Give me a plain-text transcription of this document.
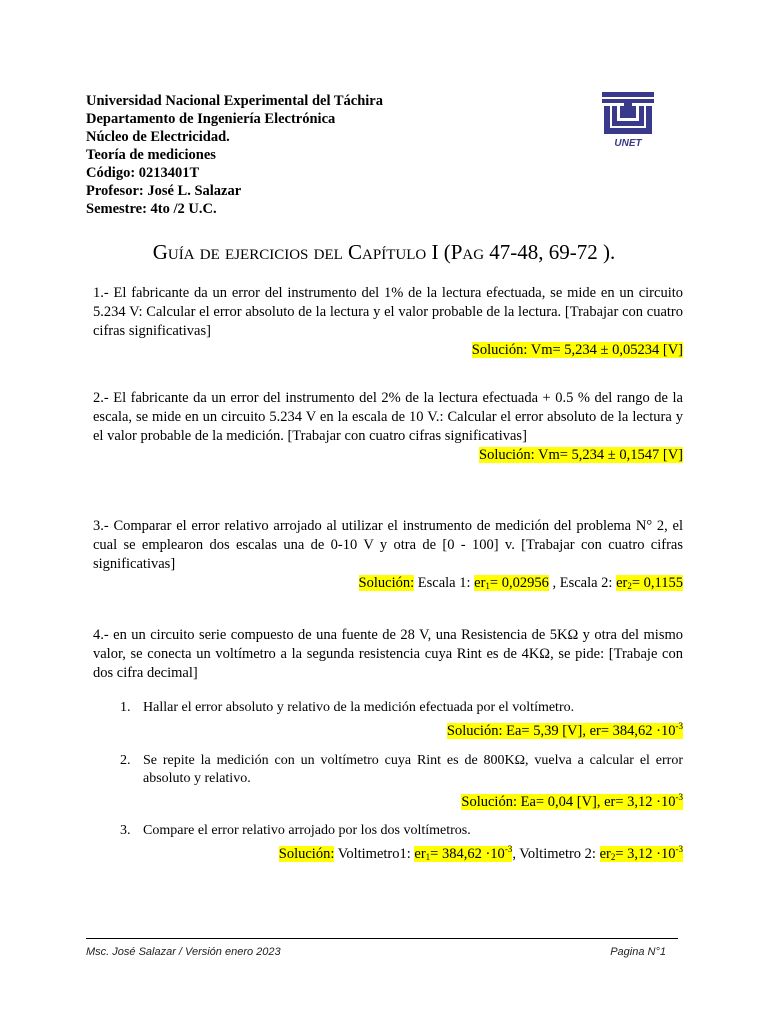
Universidad Nacional Experimental del Táchira
Departamento de Ingeniería Electrónica
Núcleo de Electricidad.
Teoría de mediciones
Código: 0213401T
Profesor: José L. Salazar
Semestre: 4to /2 U.C.
UNET
Guía de ejercicios del Capítulo I (Pag 47-48, 69-72 ).
1.- El fabricante da un error del instrumento del 1% de la lectura efectuada, se mide en un circuito 5.234 V: Calcular el error absoluto de la lectura y el valor probable de la lectura. [Trabajar con cuatro cifras significativas]
Solución: Vm= 5,234 ± 0,05234 [V]
2.- El fabricante da un error del instrumento del 2% de la lectura efectuada + 0.5 % del rango de la escala, se mide en un circuito 5.234 V en la escala de 10 V.: Calcular el error absoluto de la lectura y el valor probable de la medición. [Trabajar con cuatro cifras significativas]
Solución: Vm= 5,234 ± 0,1547 [V]
3.- Comparar el error relativo arrojado al utilizar el instrumento de medición del problema N° 2, el cual se emplearon dos escalas una de 0-10 V y otra de [0 - 100] v. [Trabajar con cuatro cifras significativas]
Solución: Escala 1: $er_1= 0,02956$ , Escala 2: $er_2= 0,1155$
4.- en un circuito serie compuesto de una fuente de 28 V, una Resistencia de 5KΩ y otra del mismo valor, se conecta un voltímetro a la segunda resistencia cuya Rint es de 4KΩ, se pide: [Trabaje con dos cifra decimal]
1. Hallar el error absoluto y relativo de la medición efectuada por el voltímetro.
Solución: Ea= 5,39 [V], $er= 384,62 \cdot 10^{-3}$
2. Se repite la medición con un voltímetro cuya Rint es de 800KΩ, vuelva a calcular el error absoluto y relativo.
Solución: Ea= 0,04 [V], $er= 3,12 \cdot 10^{-3}$
3. Compare el error relativo arrojado por los dos voltímetros.
Solución: Voltimetro1: $er_1= 384,62 \cdot 10^{-3}$, Voltimetro 2: $er_2= 3,12 \cdot 10^{-3}$
Msc. José Salazar / Versión enero 2023	Pagina N°1
